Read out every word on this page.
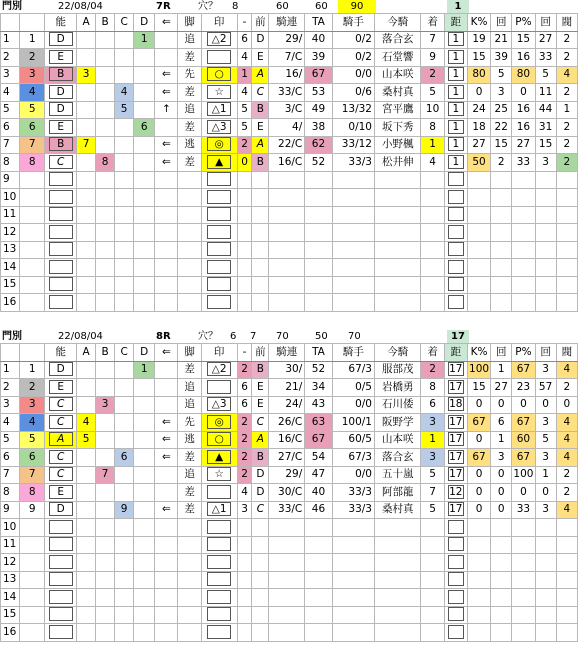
門別	22/08/04	7R	穴？ 8	60	60	90	1
		能	A	B	C	D	⇐	脚	印	-	前	騎連	TA	騎手	今騎	着	距	K%	回	P%	回	閥
1	1	D				1		追	△2	6	D	29/	40	0/2	落合玄	7	1	19	21	15	27	2
2	2	E						差		4	E	7/C	39	0/2	石堂響	9	1	15	39	16	33	2
3	3	B	3				⇐	先	○	1	A	16/	67	0/0	山本咲	2	1	80	5	80	5	4
4	4	D			4		⇐	差	☆	4	C	33/C	53	0/6	桑村真	5	1	0	3	0	11	2
5	5	D			5		↑	追	△1	5	B	3/C	49	13/32	宮平鷹	10	1	24	25	16	44	1
6	6	E				6		差	△3	5	E	4/	38	0/10	坂下秀	8	1	18	22	16	31	2
7	7	B	7				⇐	逃	◎	2	A	22/C	62	33/12	小野楓	1	1	27	15	27	15	2
8	8	C		8			⇐	差	▲	0	B	16/C	52	33/3	松井伸	4	1	50	2	33	3	2
9																						
10																						
11																						
12																						
13																						
14																						
15																						
16																						
門別	22/08/04	8R	穴？ 6 7 70	50 70	17
		能	A	B	C	D	⇐	脚	印	-	前	騎連	TA	騎手	今騎	着	距	K%	回	P%	回	閥
1	1	D				1		差	△2	2	B	30/	52	67/3	服部茂	2	17	100	1	67	3	4
2	2	E						追		6	E	21/	34	0/5	岩橋勇	8	17	15	27	23	57	2
3	3	C		3				追	△3	6	E	24/	43	0/0	石川倭	6	18	0	0	0	0	0
4	4	C	4				⇐	先	◎	2	C	26/C	63	100/1	阪野学	3	17	67	6	67	3	4
5	5	A	5				⇐	逃	○	2	A	16/C	67	60/5	山本咲	1	17	0	1	60	5	4
6	6	C			6		⇐	差	▲	2	B	27/C	54	67/3	落合玄	3	17	67	3	67	3	4
7	7	C		7				追	☆	2	D	29/	47	0/0	五十嵐	5	17	0	0	100	1	2
8	8	E						差		4	D	30/C	40	33/3	阿部龍	7	12	0	0	0	0	2
9	9	D			9		⇐	差	△1	3	C	33/C	46	33/3	桑村真	5	17	0	0	33	3	4
10																						
11																						
12																						
13																						
14																						
15																						
16																						
